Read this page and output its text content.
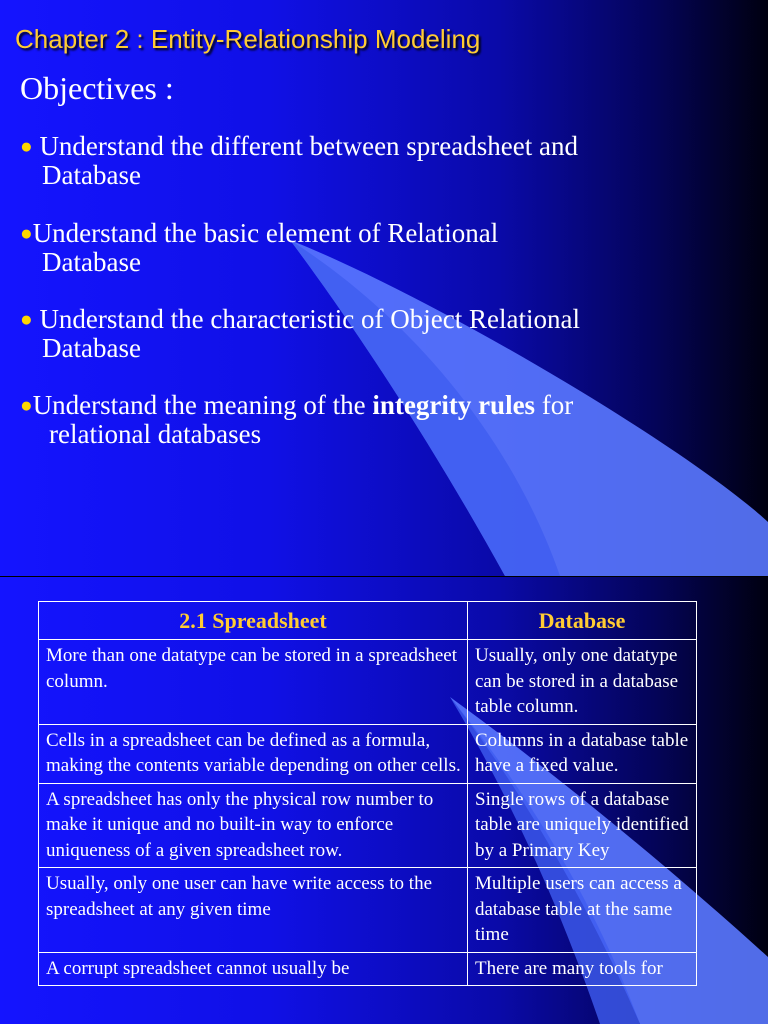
Chapter 2 : Entity-Relationship Modeling
Objectives :
● Understand the different between spreadsheet and
Database
●Understand the basic element of Relational
Database
● Understand the characteristic of Object Relational
Database
●Understand the meaning of the integrity rules for
relational databases
2.1 Spreadsheet	Database
More than one datatype can be stored in a spreadsheet column.	Usually, only one datatype can be stored in a database table column.
Cells in a spreadsheet can be defined as a formula, making the contents variable depending on other cells.	Columns in a database table have a fixed value.
A spreadsheet has only the physical row number to make it unique and no built-in way to enforce uniqueness of a given spreadsheet row.	Single rows of a database table are uniquely identified by a Primary Key
Usually, only one user can have write access to the spreadsheet at any given time	Multiple users can access a database table at the same time
A corrupt spreadsheet cannot usually be	There are many tools for
